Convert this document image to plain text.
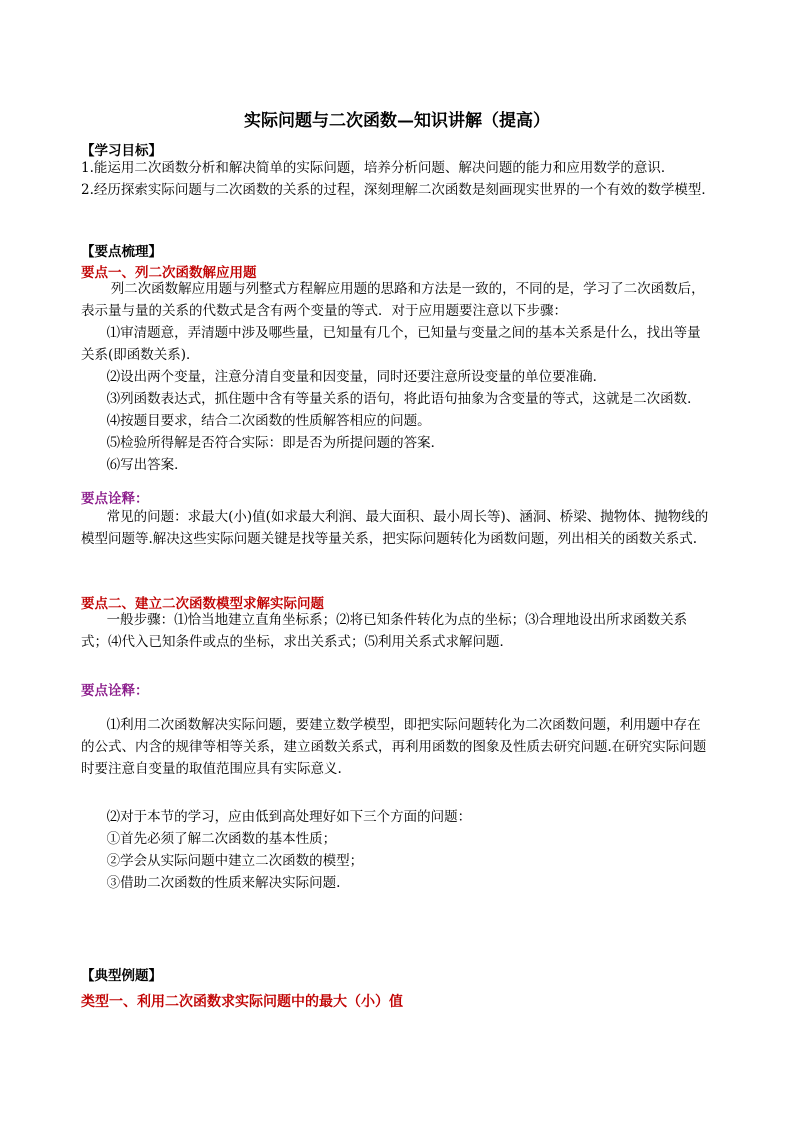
实际问题与二次函数—知识讲解（提高）
【学习目标】

1.能运用二次函数分析和解决简单的实际问题，培养分析问题、解决问题的能力和应用数学的意识．

2.经历探索实际问题与二次函数的关系的过程，深刻理解二次函数是刻画现实世界的一个有效的数学模型．

【要点梳理】
要点一、列二次函数解应用题

列二次函数解应用题与列整式方程解应用题的思路和方法是一致的，不同的是，学习了二次函数后，表示量与量的关系的代数式是含有两个变量的等式．对于应用题要注意以下步骤：

⑴审清题意，弄清题中涉及哪些量，已知量有几个，已知量与变量之间的基本关系是什么，找出等量关系(即函数关系)．

⑵设出两个变量，注意分清自变量和因变量，同时还要注意所设变量的单位要准确．

⑶列函数表达式，抓住题中含有等量关系的语句，将此语句抽象为含变量的等式，这就是二次函数．

⑷按题目要求，结合二次函数的性质解答相应的问题。

⑸检验所得解是否符合实际：即是否为所提问题的答案．

⑹写出答案．

要点诠释：

常见的问题：求最大(小)值(如求最大利润、最大面积、最小周长等)、涵洞、桥梁、抛物体、抛物线的模型问题等.解决这些实际问题关键是找等量关系，把实际问题转化为函数问题，列出相关的函数关系式.

要点二、建立二次函数模型求解实际问题

一般步骤：⑴恰当地建立直角坐标系；⑵将已知条件转化为点的坐标；⑶合理地设出所求函数关系式；⑷代入已知条件或点的坐标，求出关系式；⑸利用关系式求解问题．

要点诠释：

⑴利用二次函数解决实际问题，要建立数学模型，即把实际问题转化为二次函数问题，利用题中存在的公式、内含的规律等相等关系，建立函数关系式，再利用函数的图象及性质去研究问题.在研究实际问题时要注意自变量的取值范围应具有实际意义.

⑵对于本节的学习，应由低到高处理好如下三个方面的问题：

①首先必须了解二次函数的基本性质；

②学会从实际问题中建立二次函数的模型；

③借助二次函数的性质来解决实际问题.

【典型例题】
类型一、利用二次函数求实际问题中的最大（小）值
